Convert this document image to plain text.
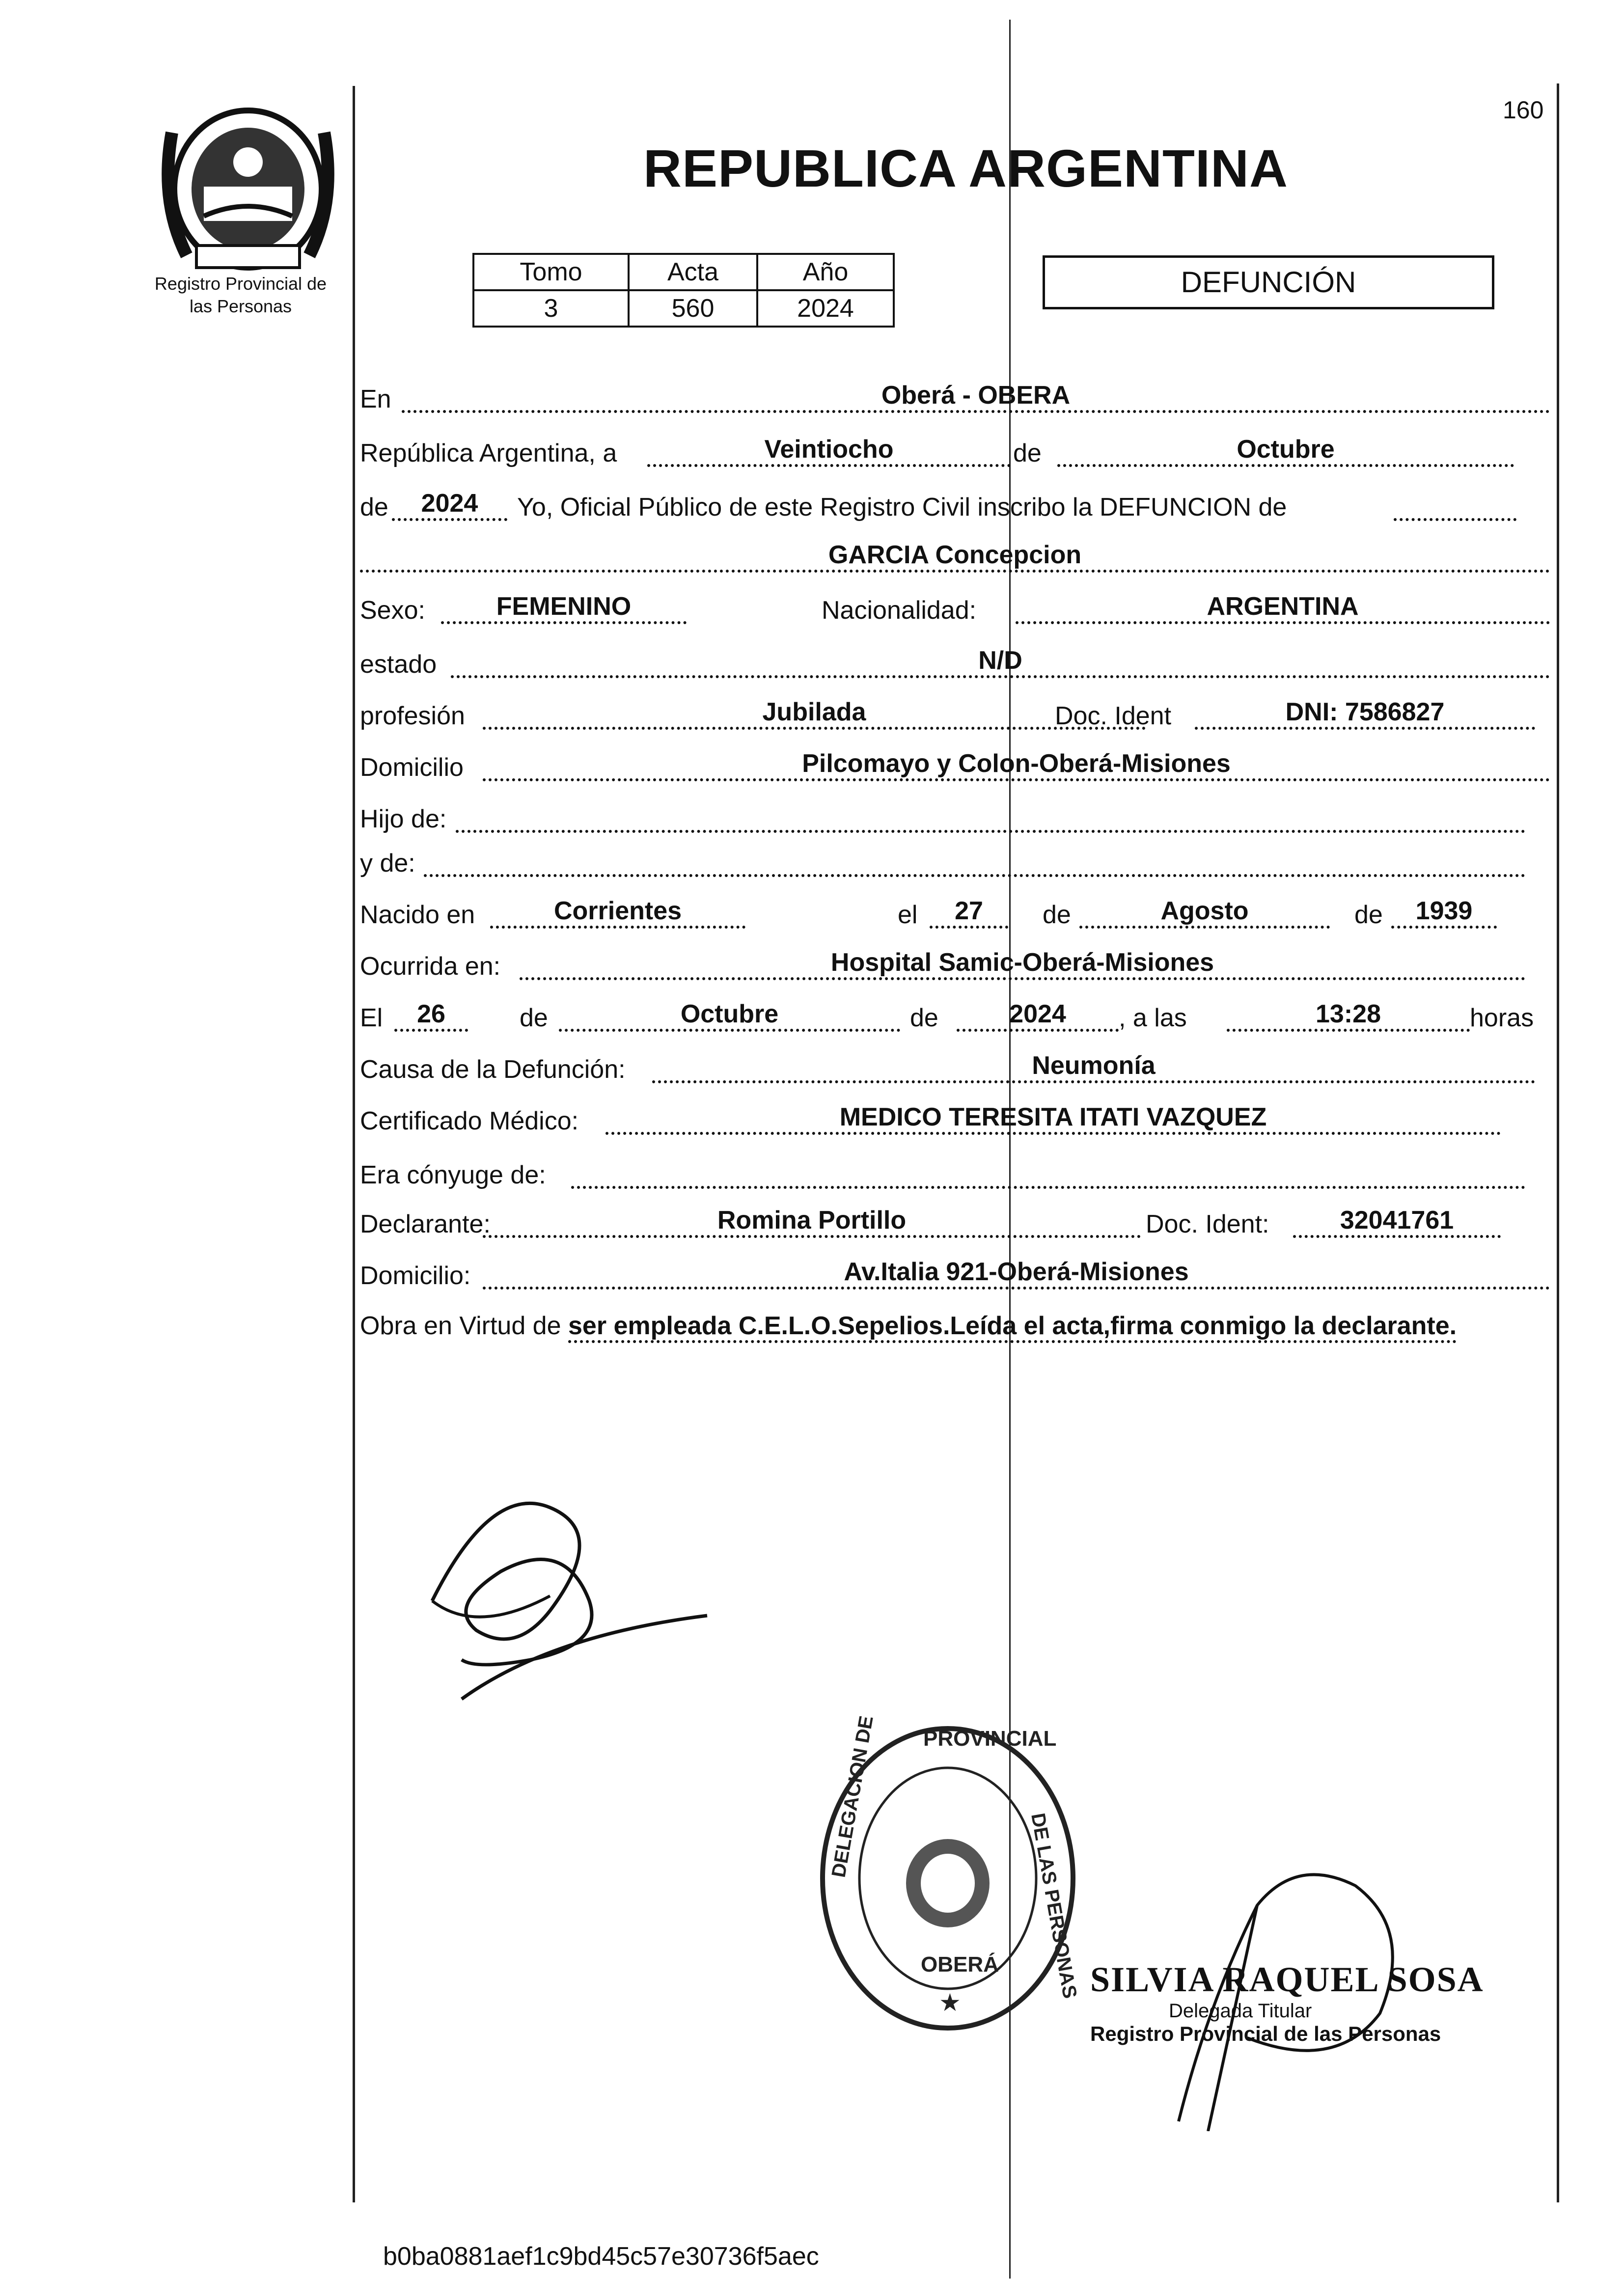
Registro Provincial de
las Personas
160
REPUBLICA ARGENTINA
Tomo	Acta	Año
3	560	2024
DEFUNCIÓN
En	Oberá - OBERA
República Argentina, a	Veintiocho	de	Octubre
de	2024	Yo, Oficial Público de este Registro Civil inscribo la DEFUNCION de
GARCIA Concepcion
Sexo:	FEMENINO	Nacionalidad:	ARGENTINA
estado	N/D
profesión	Jubilada	Doc. Ident	DNI: 7586827
Domicilio	Pilcomayo y Colon-Oberá-Misiones
Hijo de:
y de:
Nacido en	Corrientes	el	27	de	Agosto	de	1939
Ocurrida en:	Hospital Samic-Oberá-Misiones
El	26	de	Octubre	de	2024	, a las	13:28	horas
Causa de la Defunción:	Neumonía
Certificado Médico:	MEDICO TERESITA ITATI VAZQUEZ
Era cónyuge de:
Declarante:	Romina Portillo	Doc. Ident:	32041761
Domicilio:	Av.Italia 921-Oberá-Misiones
Obra en Virtud de ser empleada C.E.L.O.Sepelios.Leída el acta,firma conmigo la declarante.
DELEGACION DEL PROVINCIAL
DE LAS PERSONAS
OBERÁ
★
SILVIA RAQUEL SOSA
Delegada Titular
Registro Provincial de las Personas
b0ba0881aef1c9bd45c57e30736f5aec
